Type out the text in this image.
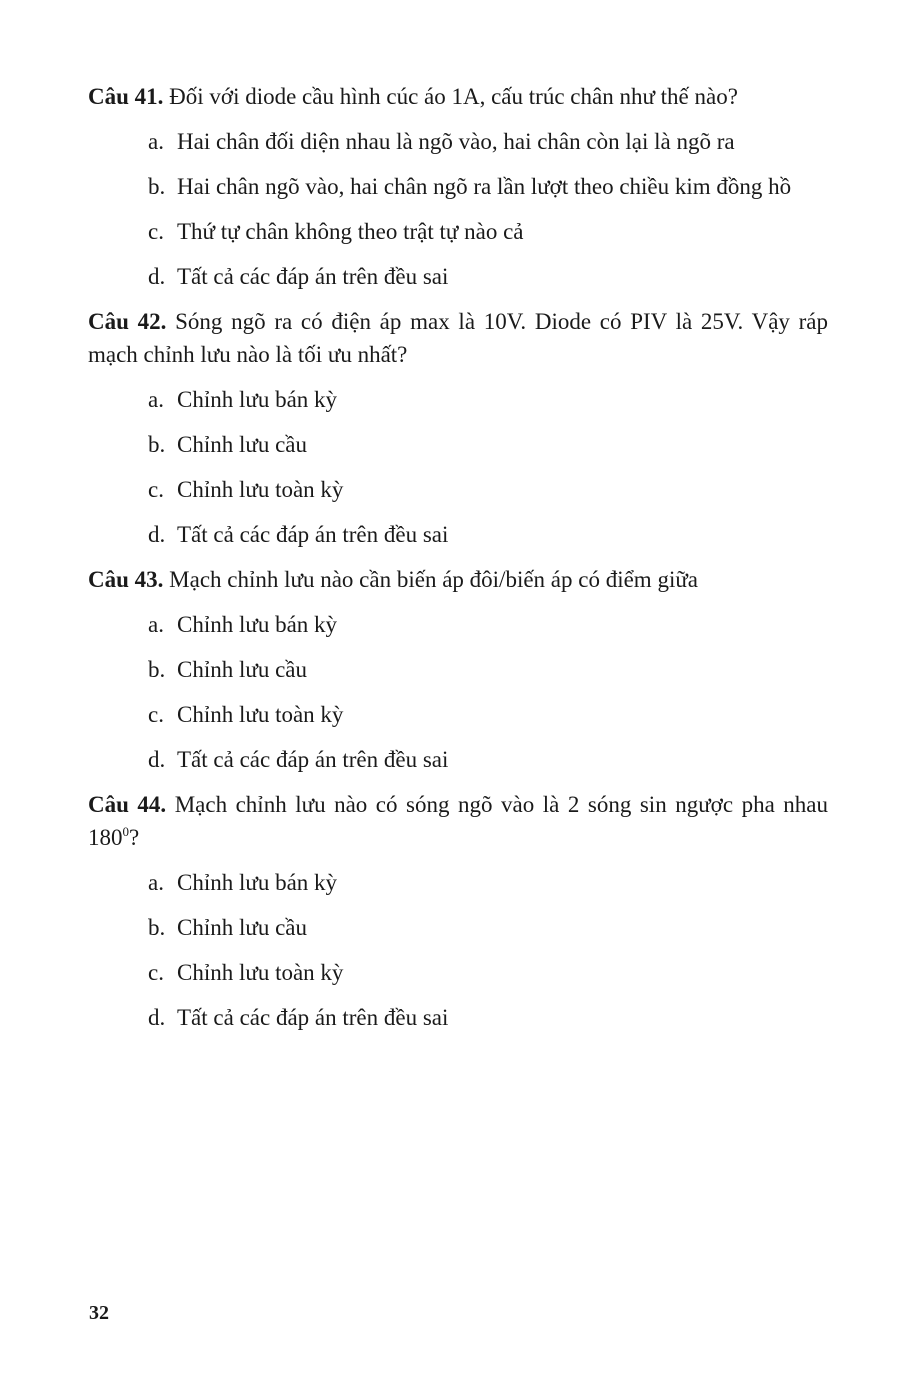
Câu 41. Đối với diode cầu hình cúc áo 1A, cấu trúc chân như thế nào?

a. Hai chân đối diện nhau là ngõ vào, hai chân còn lại là ngõ ra
b. Hai chân ngõ vào, hai chân ngõ ra lần lượt theo chiều kim đồng hồ
c. Thứ tự chân không theo trật tự nào cả
d. Tất cả các đáp án trên đều sai

Câu 42. Sóng ngõ ra có điện áp max là 10V. Diode có PIV là 25V. Vậy ráp mạch chỉnh lưu nào là tối ưu nhất?

a. Chỉnh lưu bán kỳ
b. Chỉnh lưu cầu
c. Chỉnh lưu toàn kỳ
d. Tất cả các đáp án trên đều sai

Câu 43. Mạch chỉnh lưu nào cần biến áp đôi/biến áp có điểm giữa

a. Chỉnh lưu bán kỳ
b. Chỉnh lưu cầu
c. Chỉnh lưu toàn kỳ
d. Tất cả các đáp án trên đều sai

Câu 44. Mạch chỉnh lưu nào có sóng ngõ vào là 2 sóng sin ngược pha nhau $180^0$?

a. Chỉnh lưu bán kỳ
b. Chỉnh lưu cầu
c. Chỉnh lưu toàn kỳ
d. Tất cả các đáp án trên đều sai
32
